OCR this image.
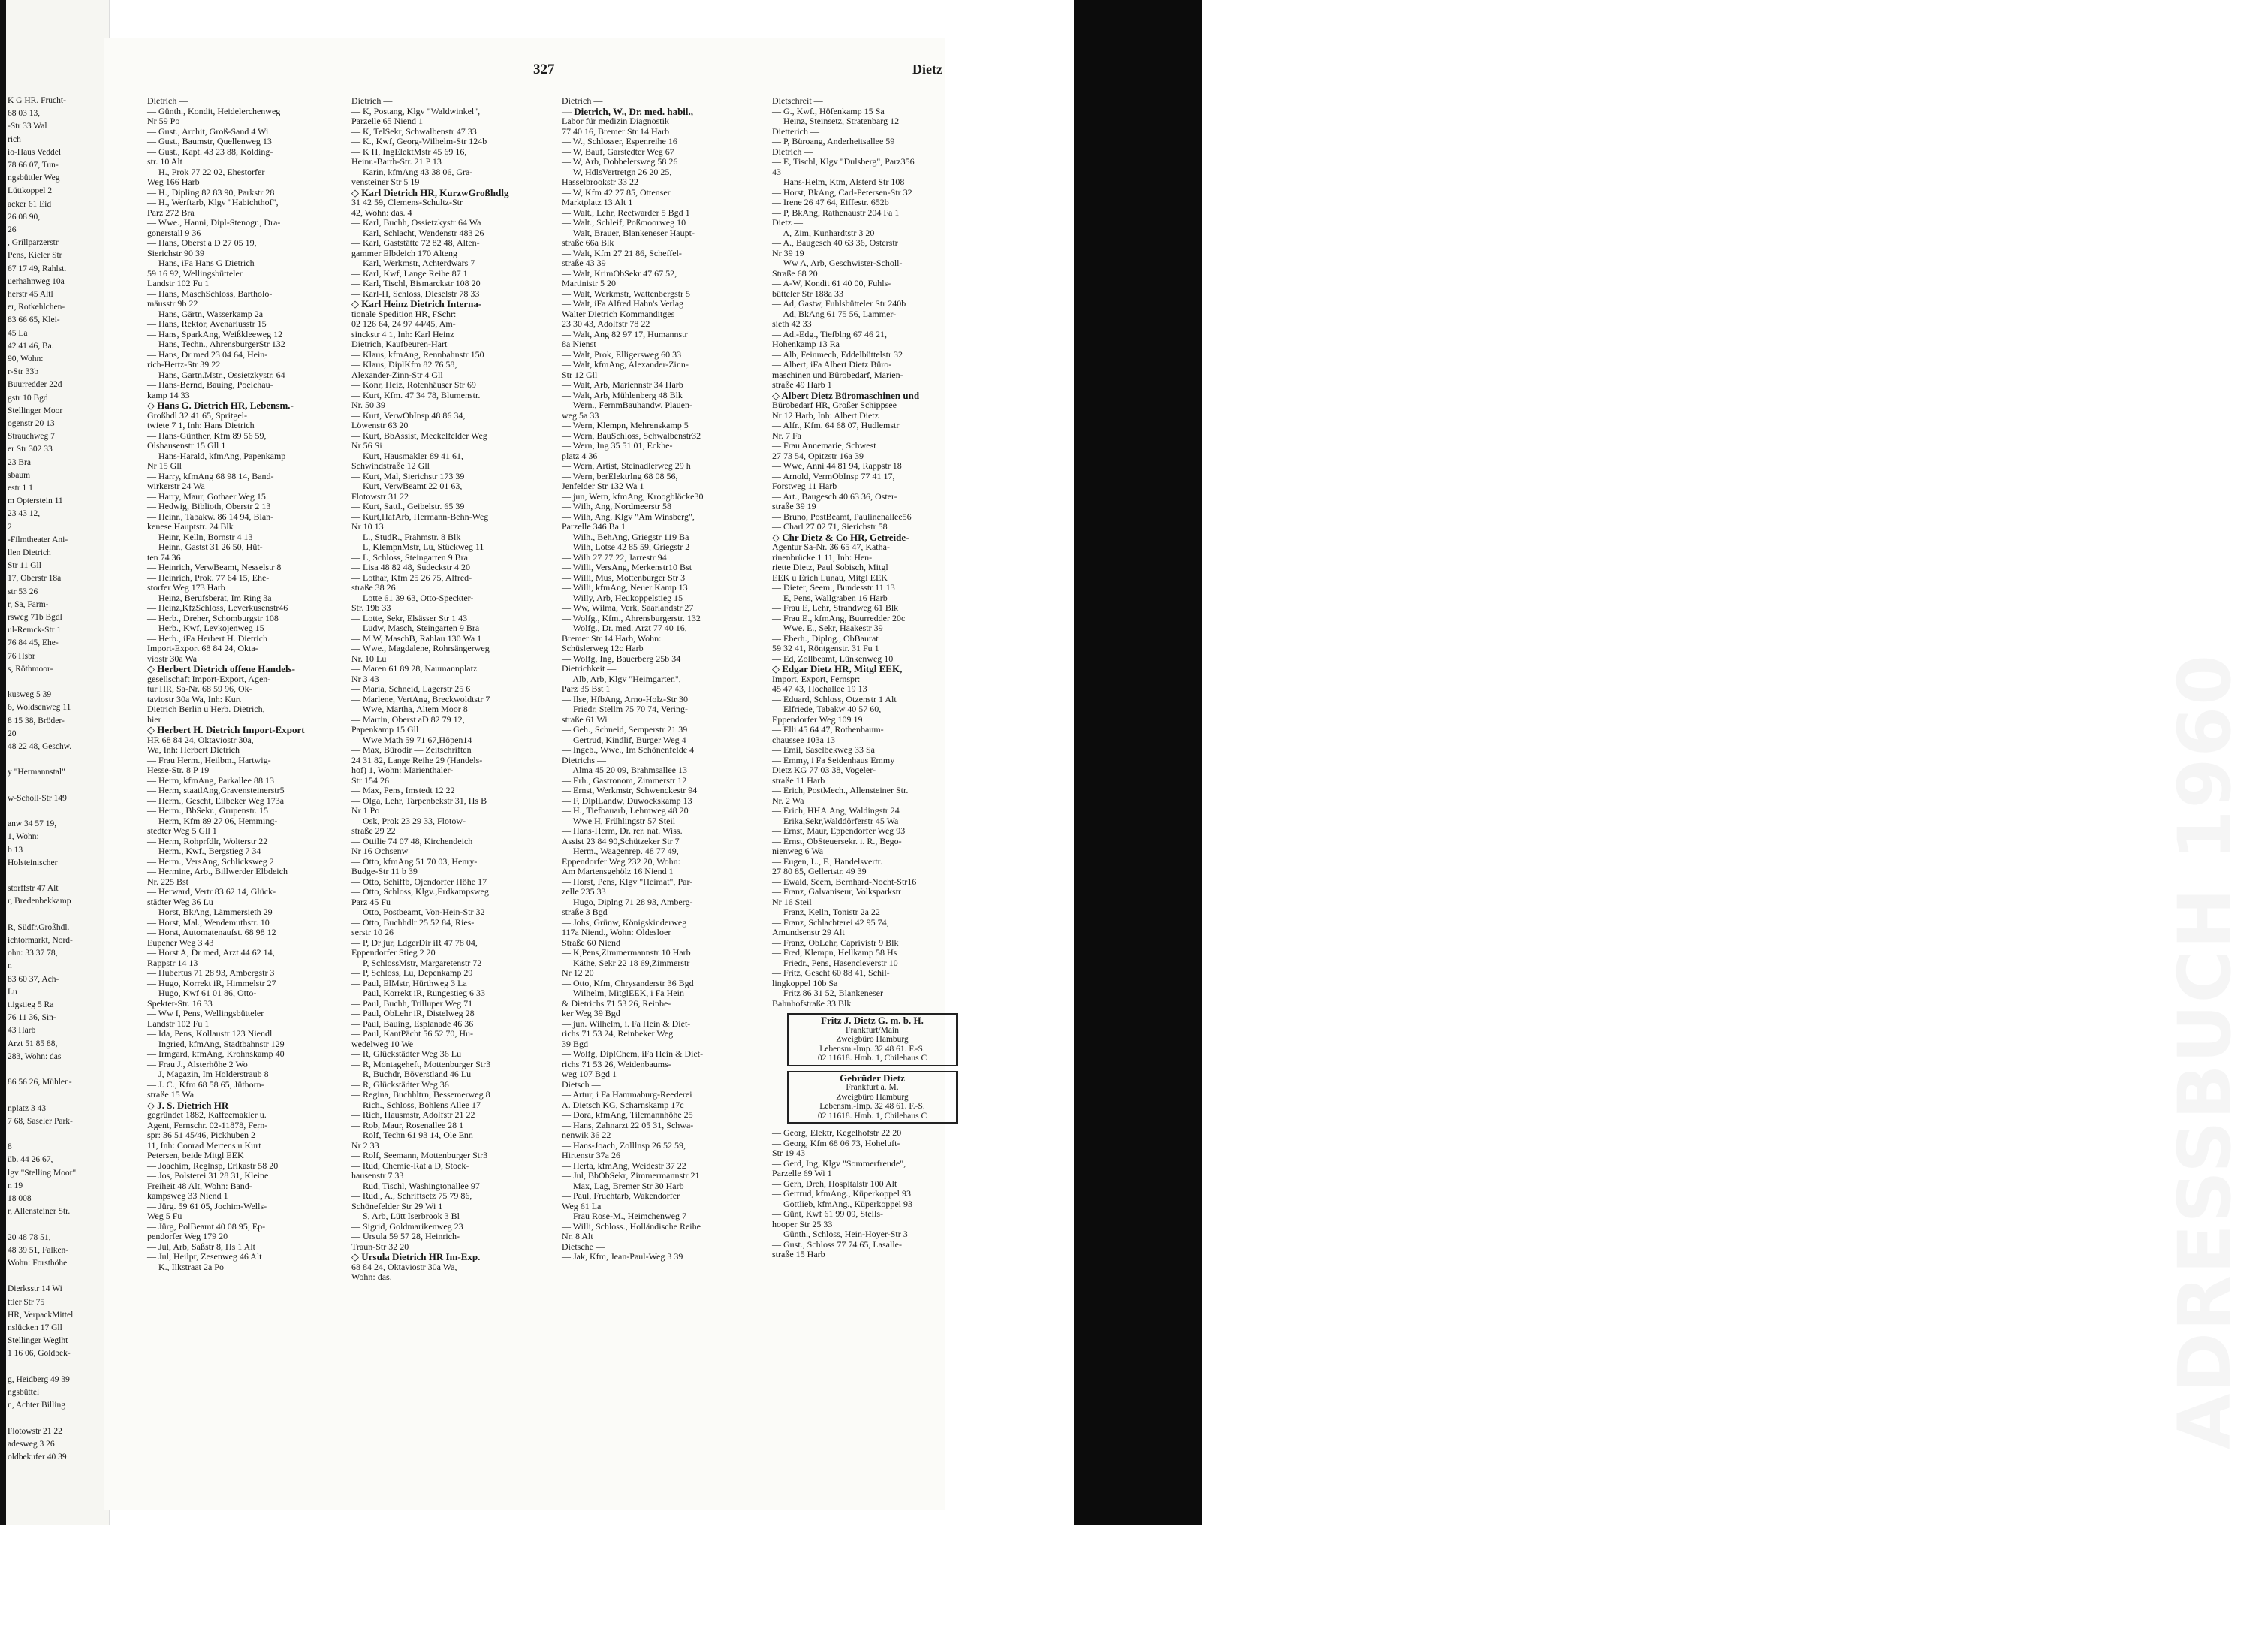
K G HR. Frucht-
68 03 13,
-Str 33 Wal
rich
io-Haus Veddel
78 66 07, Tun-
ngsbüttler Weg
Lüttkoppel 2
acker 61 Eid
26 08 90,
26
, Grillparzerstr
Pens, Kieler Str
67 17 49, Rahlst.
uerhahnweg 10a
herstr 45 Altl
er, Rotkehlchen-
83 66 65, Klei-
45 La
42 41 46, Ba.
90, Wohn:
r-Str 33b
Buurredder 22d
gstr 10 Bgd
Stellinger Moor
ogenstr 20 13
Strauchweg 7
er Str 302 33
23 Bra
sbaum
estr 1 1
m Opterstein 11
23 43 12,
2
-Filmtheater Ani-
llen Dietrich
Str 11 Gll
17, Oberstr 18a
str 53 26
r, Sa, Farm-
rsweg 71b Bgdl
ul-Remck-Str 1
76 84 45, Ehe-
76 Hsbr
s, Röthmoor-
kusweg 5 39
6, Woldsenweg 11
8 15 38, Bröder-
20
48 22 48, Geschw.
y "Hermannstal"
w-Scholl-Str 149
anw 34 57 19,
1, Wohn:
b 13
Holsteinischer
storffstr 47 Alt
r, Bredenbekkamp
R, Südfr.Großhdl.
ichtormarkt, Nord-
ohn: 33 37 78,
n
83 60 37, Ach-
Lu
ttigstieg 5 Ra
76 11 36, Sin-
43 Harb
Arzt 51 85 88,
283, Wohn: das
86 56 26, Mühlen-
nplatz 3 43
7 68, Saseler Park-
8
üb. 44 26 67,
lgv "Stelling Moor"
n 19
18 008
r, Allensteiner Str.
20 48 78 51,
48 39 51, Falken-
Wohn: Forsthöhe
Dierksstr 14 Wi
ttler Str 75
HR, VerpackMittel
nslücken 17 Gll
Stellinger Weglht
1 16 06, Goldbek-
g, Heidberg 49 39
ngsbüttel
n, Achter Billing
Flotowstr 21 22
adesweg 3 26
oldbekufer 40 39
327	Dietz
Dietrich —
— Günth., Kondit, Heidelerchenweg
Nr 59 Po
— Gust., Archit, Groß-Sand 4 Wi
— Gust., Baumstr, Quellenweg 13
— Gust., Kapt. 43 23 88, Kolding-
str. 10 Alt
— H., Prok 77 22 02, Ehestorfer
Weg 166 Harb
— H., Dipling 82 83 90, Parkstr 28
— H., Werftarb, Klgv "Habichthof",
Parz 272 Bra
— Wwe., Hanni, Dipl-Stenogr., Dra-
gonerstall 9 36
— Hans, Oberst a D 27 05 19,
Sierichstr 90 39
— Hans, iFa Hans G Dietrich
59 16 92, Wellingsbütteler
Landstr 102 Fu 1
— Hans, MaschSchloss, Bartholo-
mäusstr 9b 22
— Hans, Gärtn, Wasserkamp 2a
— Hans, Rektor, Avenariusstr 15
— Hans, SparkAng, Weißkleeweg 12
— Hans, Techn., AhrensburgerStr 132
— Hans, Dr med 23 04 64, Hein-
rich-Hertz-Str 39 22
— Hans, Gartn.Mstr., Ossietzkystr. 64
— Hans-Bernd, Bauing, Poelchau-
kamp 14 33
◇ Hans G. Dietrich HR, Lebensm.-
Großhdl 32 41 65, Spritgel-
twiete 7 1, Inh: Hans Dietrich
— Hans-Günther, Kfm 89 56 59,
Olshausenstr 15 Gll 1
— Hans-Harald, kfmAng, Papenkamp
Nr 15 Gll
— Harry, kfmAng 68 98 14, Band-
wirkerstr 24 Wa
— Harry, Maur, Gothaer Weg 15
— Hedwig, Biblioth, Oberstr 2 13
— Heinr., Tabakw. 86 14 94, Blan-
kenese Hauptstr. 24 Blk
— Heinr, Kelln, Bornstr 4 13
— Heinr., Gastst 31 26 50, Hüt-
ten 74 36
— Heinrich, VerwBeamt, Nesselstr 8
— Heinrich, Prok. 77 64 15, Ehe-
storfer Weg 173 Harb
— Heinz, Berufsberat, Im Ring 3a
— Heinz,KfzSchloss, Leverkusenstr46
— Herb., Dreher, Schomburgstr 108
— Herb., Kwf, Levkojenweg 15
— Herb., iFa Herbert H. Dietrich
Import-Export 68 84 24, Okta-
viostr 30a Wa
◇ Herbert Dietrich offene Handels-
gesellschaft Import-Export, Agen-
tur HR, Sa-Nr. 68 59 96, Ok-
taviostr 30a Wa, Inh: Kurt
Dietrich Berlin u Herb. Dietrich,
hier
◇ Herbert H. Dietrich Import-Export
HR 68 84 24, Oktaviostr 30a,
Wa, Inh: Herbert Dietrich
— Frau Herm., Heilbm., Hartwig-
Hesse-Str. 8 P 19
— Herm, kfmAng, Parkallee 88 13
— Herm, staatlAng,Gravensteinerstr5
— Herm., Gescht, Eilbeker Weg 173a
— Herm., BbSekr., Grupenstr. 15
— Herm, Kfm 89 27 06, Hemming-
stedter Weg 5 Gll 1
— Herm, Rohprfdlr, Wolterstr 22
— Herm., Kwf., Bergstieg 7 34
— Herm., VersAng, Schlicksweg 2
— Hermine, Arb., Billwerder Elbdeich
Nr. 225 Bst
— Herward, Vertr 83 62 14, Glück-
städter Weg 36 Lu
— Horst, BkAng, Lämmersieth 29
— Horst, Mal., Wendemuthstr. 10
— Horst, Automatenaufst. 68 98 12
Eupener Weg 3 43
— Horst A, Dr med, Arzt 44 62 14,
Rappstr 14 13
— Hubertus 71 28 93, Ambergstr 3
— Hugo, Korrekt iR, Himmelstr 27
— Hugo, Kwf 61 01 86, Otto-
Spekter-Str. 16 33
— Ww I, Pens, Wellingsbütteler
Landstr 102 Fu 1
— Ida, Pens, Kollaustr 123 Niendl
— Ingried, kfmAng, Stadtbahnstr 129
— Irmgard, kfmAng, Krohnskamp 40
— Frau J., Alsterhöhe 2 Wo
— J, Magazin, Im Holderstraub 8
— J. C., Kfm 68 58 65, Jüthorn-
straße 15 Wa
◇ J. S. Dietrich HR
gegründet 1882, Kaffeemakler u.
Agent, Fernschr. 02-11878, Fern-
spr: 36 51 45/46, Pickhuben 2
11, Inh: Conrad Mertens u Kurt
Petersen, beide Mitgl EEK
— Joachim, Reglnsp, Erikastr 58 20
— Jos, Polsterei 31 28 31, Kleine
Freiheit 48 Alt, Wohn: Band-
kampsweg 33 Niend 1
— Jürg. 59 61 05, Jochim-Wells-
Weg 5 Fu
— Jürg, PolBeamt 40 08 95, Ep-
pendorfer Weg 179 20
— Jul, Arb, Saßstr 8, Hs 1 Alt
— Jul, Heilpr, Zesenweg 46 Alt
— K., Ilkstraat 2a Po
Dietrich —
— K, Postang, Klgv "Waldwinkel",
Parzelle 65 Niend 1
— K, TelSekr, Schwalbenstr 47 33
— K., Kwf, Georg-Wilhelm-Str 124b
— K H, IngElektMstr 45 69 16,
Heinr.-Barth-Str. 21 P 13
— Karin, kfmAng 43 38 06, Gra-
vensteiner Str 5 19
◇ Karl Dietrich HR, KurzwGroßhdlg
31 42 59, Clemens-Schultz-Str
42, Wohn: das. 4
— Karl, Buchh, Ossietzkystr 64 Wa
— Karl, Schlacht, Wendenstr 483 26
— Karl, Gaststätte 72 82 48, Alten-
gammer Elbdeich 170 Alteng
— Karl, Werkmstr, Achterdwars 7
— Karl, Kwf, Lange Reihe 87 1
— Karl, Tischl, Bismarckstr 108 20
— Karl-H, Schloss, Dieselstr 78 33
◇ Karl Heinz Dietrich Interna-
tionale Spedition HR, FSchr:
02 126 64, 24 97 44/45, Am-
sinckstr 4 1, Inh: Karl Heinz
Dietrich, Kaufbeuren-Hart
— Klaus, kfmAng, Rennbahnstr 150
— Klaus, DiplKfm 82 76 58,
Alexander-Zinn-Str 4 Gll
— Konr, Heiz, Rotenhäuser Str 69
— Kurt, Kfm. 47 34 78, Blumenstr.
Nr. 50 39
— Kurt, VerwObInsp 48 86 34,
Löwenstr 63 20
— Kurt, BbAssist, Meckelfelder Weg
Nr 56 Si
— Kurt, Hausmakler 89 41 61,
Schwindstraße 12 Gll
— Kurt, Mal, Sierichstr 173 39
— Kurt, VerwBeamt 22 01 63,
Flotowstr 31 22
— Kurt, Sattl., Geibelstr. 65 39
— Kurt,HafArb, Hermann-Behn-Weg
Nr 10 13
— L., StudR., Frahmstr. 8 Blk
— L, KlempnMstr, Lu, Stückweg 11
— L, Schloss, Steingarten 9 Bra
— Lisa 48 82 48, Sudeckstr 4 20
— Lothar, Kfm 25 26 75, Alfred-
straße 38 26
— Lotte 61 39 63, Otto-Speckter-
Str. 19b 33
— Lotte, Sekr, Elsässer Str 1 43
— Ludw, Masch, Steingarten 9 Bra
— M W, MaschB, Rahlau 130 Wa 1
— Wwe., Magdalene, Rohrsängerweg
Nr. 10 Lu
— Maren 61 89 28, Naumannplatz
Nr 3 43
— Maria, Schneid, Lagerstr 25 6
— Marlene, VertAng, Breckwoldtstr 7
— Wwe, Martha, Altem Moor 8
— Martin, Oberst aD 82 79 12,
Papenkamp 15 Gll
— Wwe Math 59 71 67,Höpen14
— Max, Bürodir — Zeitschriften
24 31 82, Lange Reihe 29 (Handels-
hof) 1, Wohn: Marienthaler-
Str 154 26
— Max, Pens, Imstedt 12 22
— Olga, Lehr, Tarpenbekstr 31, Hs B
Nr 1 Po
— Osk, Prok 23 29 33, Flotow-
straße 29 22
— Ottilie 74 07 48, Kirchendeich
Nr 16 Ochsenw
— Otto, kfmAng 51 70 03, Henry-
Budge-Str 11 b 39
— Otto, Schiffb, Ojendorfer Höhe 17
— Otto, Schloss, Klgv.,Erdkampsweg
Parz 45 Fu
— Otto, Postbeamt, Von-Hein-Str 32
— Otto, Buchhdlr 25 52 84, Ries-
serstr 10 26
— P, Dr jur, LdgerDir iR 47 78 04,
Eppendorfer Stieg 2 20
— P, SchlossMstr, Margaretenstr 72
— P, Schloss, Lu, Depenkamp 29
— Paul, ElMstr, Hürthweg 3 La
— Paul, Korrekt iR, Rungestieg 6 33
— Paul, Buchh, Trilluper Weg 71
— Paul, ObLehr iR, Distelweg 28
— Paul, Bauing, Esplanade 46 36
— Paul, KantPächt 56 52 70, Hu-
wedelweg 10 We
— R, Glückstädter Weg 36 Lu
— R, Montageheft, Mottenburger Str3
— R, Buchdr, Böverstland 46 Lu
— R, Glückstädter Weg 36
— Regina, Buchhltrn, Bessemerweg 8
— Rich., Schloss, Bohlens Allee 17
— Rich, Hausmstr, Adolfstr 21 22
— Rob, Maur, Rosenallee 28 1
— Rolf, Techn 61 93 14, Ole Enn
Nr 2 33
— Rolf, Seemann, Mottenburger Str3
— Rud, Chemie-Rat a D, Stock-
hausenstr 7 33
— Rud, Tischl, Washingtonallee 97
— Rud., A., Schriftsetz 75 79 86,
Schönefelder Str 29 Wi 1
— S, Arb, Lütt Iserbrook 3 Bl
— Sigrid, Goldmarikenweg 23
— Ursula 59 57 28, Heinrich-
Traun-Str 32 20
◇ Ursula Dietrich HR Im-Exp.
68 84 24, Oktaviostr 30a Wa,
Wohn: das.
Dietrich —
— Dietrich, W., Dr. med. habil.,
Labor für medizin Diagnostik
77 40 16, Bremer Str 14 Harb
— W., Schlosser, Espenreihe 16
— W, Bauf, Garstedter Weg 67
— W, Arb, Dobbelersweg 58 26
— W, HdlsVertretgn 26 20 25,
Hasselbrookstr 33 22
— W, Kfm 42 27 85, Ottenser
Marktplatz 13 Alt 1
— Walt., Lehr, Reetwarder 5 Bgd 1
— Walt., Schleif, Poßmoorweg 10
— Walt, Brauer, Blankeneser Haupt-
straße 66a Blk
— Walt, Kfm 27 21 86, Scheffel-
straße 43 39
— Walt, KrimObSekr 47 67 52,
Martinistr 5 20
— Walt, Werkmstr, Wattenbergstr 5
— Walt, iFa Alfred Hahn's Verlag
Walter Dietrich Kommanditges
23 30 43, Adolfstr 78 22
— Walt, Ang 82 97 17, Humannstr
8a Nienst
— Walt, Prok, Elligersweg 60 33
— Walt, kfmAng, Alexander-Zinn-
Str 12 Gll
— Walt, Arb, Mariennstr 34 Harb
— Walt, Arb, Mühlenberg 48 Blk
— Wern., FernmBauhandw. Plauen-
weg 5a 33
— Wern, Klempn, Mehrenskamp 5
— Wern, BauSchloss, Schwalbenstr32
— Wern, Ing 35 51 01, Eckhe-
platz 4 36
— Wern, Artist, Steinadlerweg 29 h
— Wern, berElektrlng 68 08 56,
Jenfelder Str 132 Wa 1
— jun, Wern, kfmAng, Kroogblöcke30
— Wilh, Ang, Nordmeerstr 58
— Wilh, Ang, Klgv "Am Winsberg",
Parzelle 346 Ba 1
— Wilh., BehAng, Griegstr 119 Ba
— Wilh, Lotse 42 85 59, Griegstr 2
— Wilh 27 77 22, Jarrestr 94
— Willi, VersAng, Merkenstr10 Bst
— Willi, Mus, Mottenburger Str 3
— Willi, kfmAng, Neuer Kamp 13
— Willy, Arb, Heukoppelstieg 15
— Ww, Wilma, Verk, Saarlandstr 27
— Wolfg., Kfm., Ahrensburgerstr. 132
— Wolfg., Dr. med. Arzt 77 40 16,
Bremer Str 14 Harb, Wohn:
Schüslerweg 12c Harb
— Wolfg, Ing, Bauerberg 25b 34
Dietrichkeit —
— Alb, Arb, Klgv "Heimgarten",
Parz 35 Bst 1
— Ilse, HfbAng, Arno-Holz-Str 30
— Friedr, Stellm 75 70 74, Vering-
straße 61 Wi
— Geh., Schneid, Semperstr 21 39
— Gertrud, Kindlif, Burger Weg 4
— Ingeb., Wwe., Im Schönenfelde 4
Dietrichs —
— Alma 45 20 09, Brahmsallee 13
— Erh., Gastronom, Zimmerstr 12
— Ernst, Werkmstr, Schwenckestr 94
— F, DiplLandw, Duwockskamp 13
— H., Tiefbauarb, Lehmweg 48 20
— Wwe H, Frühlingstr 57 Steil
— Hans-Herm, Dr. rer. nat. Wiss.
Assist 23 84 90,Schützeker Str 7
— Herm., Waagenrep. 48 77 49,
Eppendorfer Weg 232 20, Wohn:
Am Martensgehölz 16 Niend 1
— Horst, Pens, Klgv "Heimat", Par-
zelle 235 33
— Hugo, Diplng 71 28 93, Amberg-
straße 3 Bgd
— Johs, Grünw, Königskinderweg
117a Niend., Wohn: Oldesloer
Straße 60 Niend
— K,Pens,Zimmermannstr 10 Harb
— Käthe, Sekr 22 18 69,Zimmerstr
Nr 12 20
— Otto, Kfm, Chrysanderstr 36 Bgd
— Wilhelm, MitglEEK, i Fa Hein
& Dietrichs 71 53 26, Reinbe-
ker Weg 39 Bgd
— jun. Wilhelm, i. Fa Hein & Diet-
richs 71 53 24, Reinbeker Weg
39 Bgd
— Wolfg, DiplChem, iFa Hein & Diet-
richs 71 53 26, Weidenbaums-
weg 107 Bgd 1
Dietsch —
— Artur, i Fa Hammaburg-Reederei
A. Dietsch KG, Scharnskamp 17c
— Dora, kfmAng, Tilemannhöhe 25
— Hans, Zahnarzt 22 05 31, Schwa-
nenwik 36 22
— Hans-Joach, Zolllnsp 26 52 59,
Hirtenstr 37a 26
— Herta, kfmAng, Weidestr 37 22
— Jul, BbObSekr, Zimmermannstr 21
— Max, Lag, Bremer Str 30 Harb
— Paul, Fruchtarb, Wakendorfer
Weg 61 La
— Frau Rose-M., Heimchenweg 7
— Willi, Schloss., Holländische Reihe
Nr. 8 Alt
Dietsche —
— Jak, Kfm, Jean-Paul-Weg 3 39
Dietschreit —
— G., Kwf., Höfenkamp 15 Sa
— Heinz, Steinsetz, Stratenbarg 12
Dietterich —
— P, Büroang, Anderheitsallee 59
Dietrich —
— E, Tischl, Klgv "Dulsberg", Parz356
43
— Hans-Helm, Ktm, Alsterd Str 108
— Horst, BkAng, Carl-Petersen-Str 32
— Irene 26 47 64, Eiffestr. 652b
— P, BkAng, Rathenaustr 204 Fa 1
Dietz —
— A, Zim, Kunhardtstr 3 20
— A., Baugesch 40 63 36, Osterstr
Nr 39 19
— Ww A, Arb, Geschwister-Scholl-
Straße 68 20
— A-W, Kondit 61 40 00, Fuhls-
bütteler Str 188a 33
— Ad, Gastw, Fuhlsbütteler Str 240b
— Ad, BkAng 61 75 56, Lammer-
sieth 42 33
— Ad.-Edg., Tiefblng 67 46 21,
Hohenkamp 13 Ra
— Alb, Feinmech, Eddelbüttelstr 32
— Albert, iFa Albert Dietz Büro-
maschinen und Bürobedarf, Marien-
straße 49 Harb 1
◇ Albert Dietz Büromaschinen und
Bürobedarf HR, Großer Schippsee
Nr 12 Harb, Inh: Albert Dietz
— Alfr., Kfm. 64 68 07, Hudlemstr
Nr. 7 Fa
— Frau Annemarie, Schwest
27 73 54, Opitzstr 16a 39
— Wwe, Anni 44 81 94, Rappstr 18
— Arnold, VermObInsp 77 41 17,
Forstweg 11 Harb
— Art., Baugesch 40 63 36, Oster-
straße 39 19
— Bruno, PostBeamt, Paulinenallee56
— Charl 27 02 71, Sierichstr 58
◇ Chr Dietz & Co HR, Getreide-
Agentur Sa-Nr. 36 65 47, Katha-
rinenbrücke 1 11, Inh: Hen-
riette Dietz, Paul Sobisch, Mitgl
EEK u Erich Lunau, Mitgl EEK
— Dieter, Seem., Bundesstr 11 13
— E, Pens, Wallgraben 16 Harb
— Frau E, Lehr, Strandweg 61 Blk
— Frau E., kfmAng, Buurredder 20c
— Wwe. E., Sekr, Haakestr 39
— Eberh., Diplng., ObBaurat
59 32 41, Röntgenstr. 31 Fu 1
— Ed, Zollbeamt, Lünkenweg 10
◇ Edgar Dietz HR, Mitgl EEK,
Import, Export, Fernspr:
45 47 43, Hochallee 19 13
— Eduard, Schloss, Otzenstr 1 Alt
— Elfriede, Tabakw 40 57 60,
Eppendorfer Weg 109 19
— Elli 45 64 47, Rothenbaum-
chaussee 103a 13
— Emil, Saselbekweg 33 Sa
— Emmy, i Fa Seidenhaus Emmy
Dietz KG 77 03 38, Vogeler-
straße 11 Harb
— Erich, PostMech., Allensteiner Str.
Nr. 2 Wa
— Erich, HHA.Ang, Waldingstr 24
— Erika,Sekr,Walddörferstr 45 Wa
— Ernst, Maur, Eppendorfer Weg 93
— Ernst, ObSteuersekr. i. R., Bego-
nienweg 6 Wa
— Eugen, L., F., Handelsvertr.
27 80 85, Gellertstr. 49 39
— Ewald, Seem, Bernhard-Nocht-Str16
— Franz, Galvaniseur, Volksparkstr
Nr 16 Steil
— Franz, Kelln, Tonistr 2a 22
— Franz, Schlachterei 42 95 74,
Amundsenstr 29 Alt
— Franz, ObLehr, Caprivistr 9 Blk
— Fred, Klempn, Hellkamp 58 Hs
— Friedr., Pens, Hasencleverstr 10
— Fritz, Gescht 60 88 41, Schil-
lingkoppel 10b Sa
— Fritz 86 31 52, Blankeneser
Bahnhofstraße 33 Blk
Fritz J. Dietz G. m. b. H.
Frankfurt/Main
Zweigbüro Hamburg
Lebensm.-Imp. 32 48 61. F.-S.
02 11618. Hmb. 1, Chilehaus C
Gebrüder Dietz
Frankfurt a. M.
Zweigbüro Hamburg
Lebensm.-Imp. 32 48 61. F.-S.
02 11618. Hmb. 1, Chilehaus C
— Georg, Elektr, Kegelhofstr 22 20
— Georg, Kfm 68 06 73, Hoheluft-
Str 19 43
— Gerd, Ing, Klgv "Sommerfreude",
Parzelle 69 Wi 1
— Gerh, Dreh, Hospitalstr 100 Alt
— Gertrud, kfmAng., Küperkoppel 93
— Gottlieb, kfmAng., Küperkoppel 93
— Günt, Kwf 61 99 09, Stells-
hooper Str 25 33
— Günth., Schloss, Hein-Hoyer-Str 3
— Gust., Schloss 77 74 65, Lasalle-
straße 15 Harb	ADRESSBUCH 1960
